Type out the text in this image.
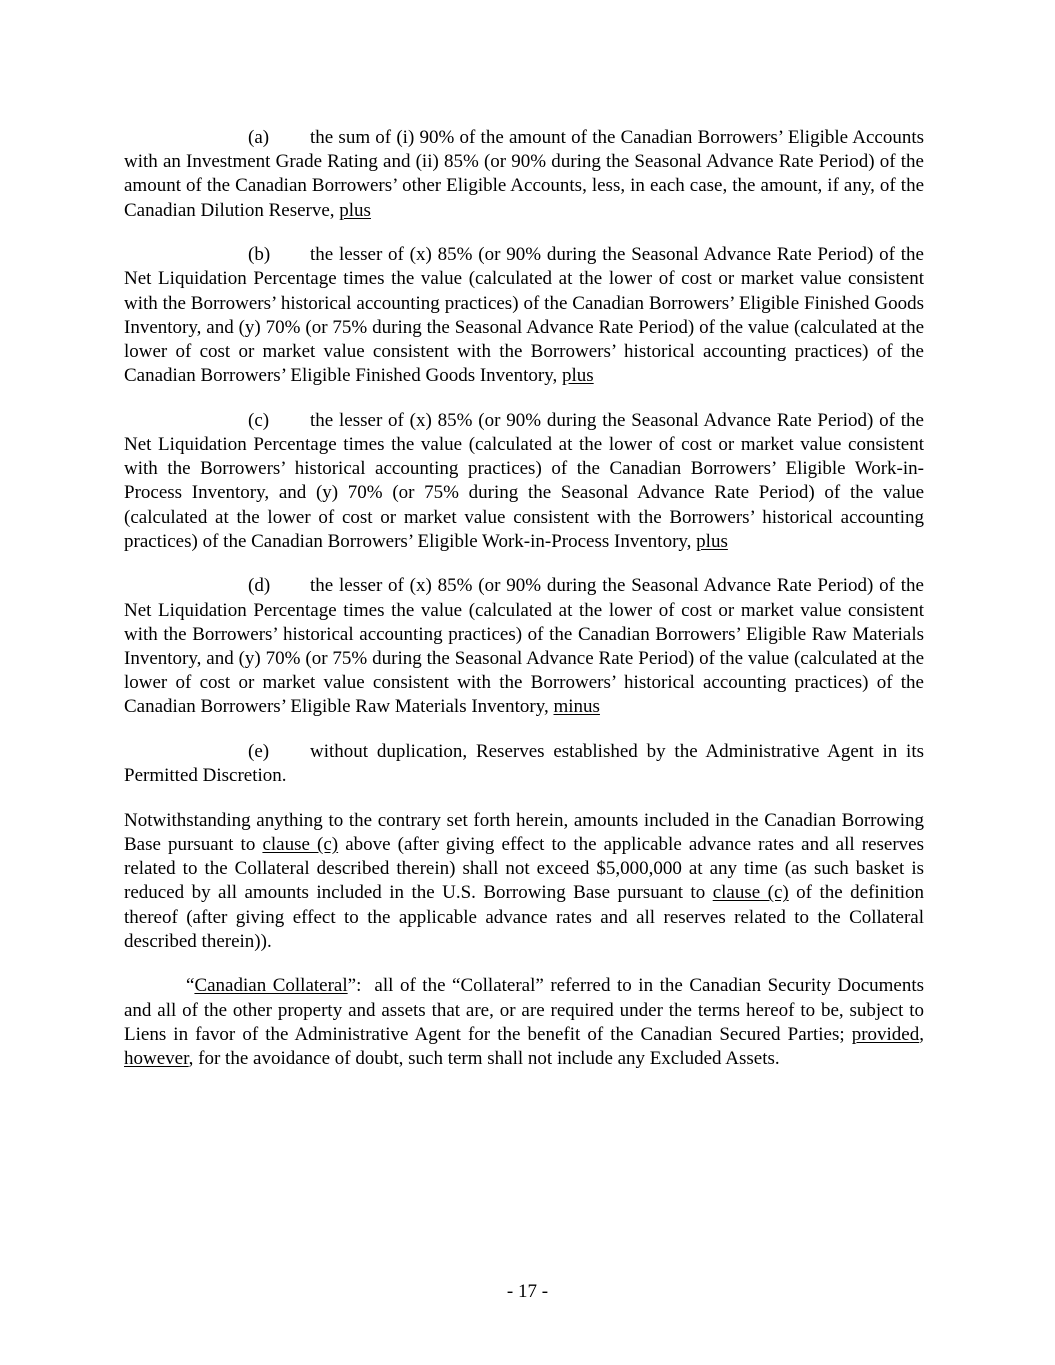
(a) the sum of (i) 90% of the amount of the Canadian Borrowers’ Eligible Accounts with an Investment Grade Rating and (ii) 85% (or 90% during the Seasonal Advance Rate Period) of the amount of the Canadian Borrowers’ other Eligible Accounts, less, in each case, the amount, if any, of the Canadian Dilution Reserve, plus

(b) the lesser of (x) 85% (or 90% during the Seasonal Advance Rate Period) of the Net Liquidation Percentage times the value (calculated at the lower of cost or market value consistent with the Borrowers’ historical accounting practices) of the Canadian Borrowers’ Eligible Finished Goods Inventory, and (y) 70% (or 75% during the Seasonal Advance Rate Period) of the value (calculated at the lower of cost or market value consistent with the Borrowers’ historical accounting practices) of the Canadian Borrowers’ Eligible Finished Goods Inventory, plus

(c) the lesser of (x) 85% (or 90% during the Seasonal Advance Rate Period) of the Net Liquidation Percentage times the value (calculated at the lower of cost or market value consistent with the Borrowers’ historical accounting practices) of the Canadian Borrowers’ Eligible Work-in-Process Inventory, and (y) 70% (or 75% during the Seasonal Advance Rate Period) of the value (calculated at the lower of cost or market value consistent with the Borrowers’ historical accounting practices) of the Canadian Borrowers’ Eligible Work-in-Process Inventory, plus

(d) the lesser of (x) 85% (or 90% during the Seasonal Advance Rate Period) of the Net Liquidation Percentage times the value (calculated at the lower of cost or market value consistent with the Borrowers’ historical accounting practices) of the Canadian Borrowers’ Eligible Raw Materials Inventory, and (y) 70% (or 75% during the Seasonal Advance Rate Period) of the value (calculated at the lower of cost or market value consistent with the Borrowers’ historical accounting practices) of the Canadian Borrowers’ Eligible Raw Materials Inventory, minus

(e) without duplication, Reserves established by the Administrative Agent in its Permitted Discretion.

Notwithstanding anything to the contrary set forth herein, amounts included in the Canadian Borrowing Base pursuant to clause (c) above (after giving effect to the applicable advance rates and all reserves related to the Collateral described therein) shall not exceed $5,000,000 at any time (as such basket is reduced by all amounts included in the U.S. Borrowing Base pursuant to clause (c) of the definition thereof (after giving effect to the applicable advance rates and all reserves related to the Collateral described therein)).

“Canadian Collateral”:  all of the “Collateral” referred to in the Canadian Security Documents and all of the other property and assets that are, or are required under the terms hereof to be, subject to Liens in favor of the Administrative Agent for the benefit of the Canadian Secured Parties; provided, however, for the avoidance of doubt, such term shall not include any Excluded Assets.

- 17 -
